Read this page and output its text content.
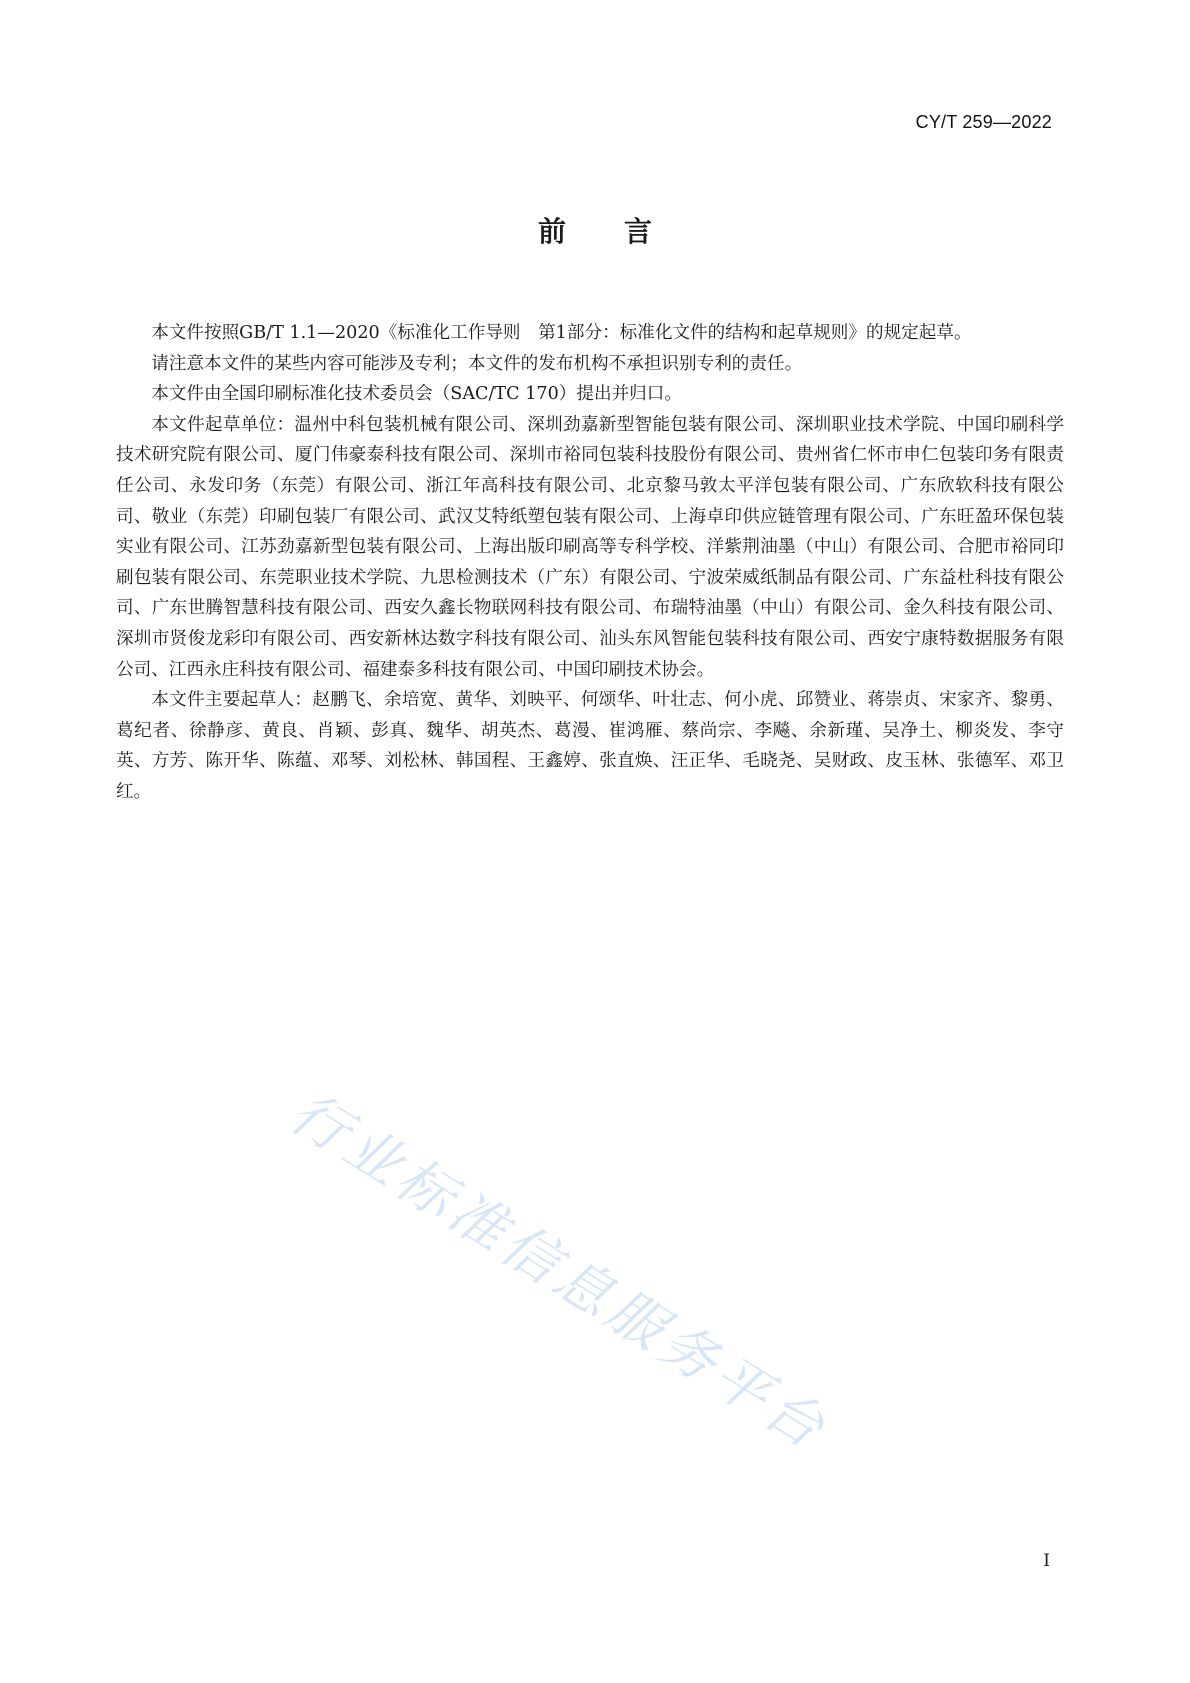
CY/T 259—2022
前言

本文件按照GB/T 1.1—2020《标准化工作导则　第1部分：标准化文件的结构和起草规则》的规定起草。

请注意本文件的某些内容可能涉及专利；本文件的发布机构不承担识别专利的责任。

本文件由全国印刷标准化技术委员会（SAC/TC 170）提出并归口。

本文件起草单位：温州中科包装机械有限公司、深圳劲嘉新型智能包装有限公司、深圳职业技术学院、中国印刷科学技术研究院有限公司、厦门伟豪泰科技有限公司、深圳市裕同包装科技股份有限公司、贵州省仁怀市申仁包装印务有限责任公司、永发印务（东莞）有限公司、浙江年高科技有限公司、北京黎马敦太平洋包装有限公司、广东欣软科技有限公司、敬业（东莞）印刷包装厂有限公司、武汉艾特纸塑包装有限公司、上海卓印供应链管理有限公司、广东旺盈环保包装实业有限公司、江苏劲嘉新型包装有限公司、上海出版印刷高等专科学校、洋紫荆油墨（中山）有限公司、合肥市裕同印刷包装有限公司、东莞职业技术学院、九思检测技术（广东）有限公司、宁波荣威纸制品有限公司、广东益杜科技有限公司、广东世腾智慧科技有限公司、西安久鑫长物联网科技有限公司、布瑞特油墨（中山）有限公司、金久科技有限公司、深圳市贤俊龙彩印有限公司、西安新林达数字科技有限公司、汕头东风智能包装科技有限公司、西安宁康特数据服务有限公司、江西永庄科技有限公司、福建泰多科技有限公司、中国印刷技术协会。

本文件主要起草人：赵鹏飞、余培宽、黄华、刘映平、何颂华、叶壮志、何小虎、邱赞业、蒋崇贞、宋家齐、黎勇、葛纪者、徐静彦、黄良、肖颖、彭真、魏华、胡英杰、葛漫、崔鸿雁、蔡尚宗、李飚、余新瑾、吴净土、柳炎发、李守英、方芳、陈开华、陈蕴、邓琴、刘松林、韩国程、王鑫婷、张直焕、汪正华、毛晓尧、吴财政、皮玉林、张德军、邓卫红。

行业标准信息服务平台
I
